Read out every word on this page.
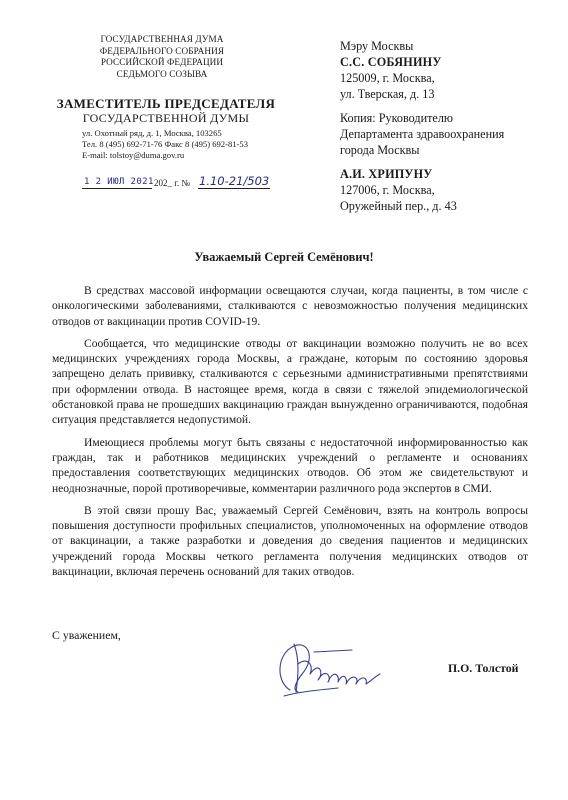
ГОСУДАРСТВЕННАЯ ДУМА
ФЕДЕРАЛЬНОГО СОБРАНИЯ
РОССИЙСКОЙ ФЕДЕРАЦИИ
СЕДЬМОГО СОЗЫВА
ЗАМЕСТИТЕЛЬ ПРЕДСЕДАТЕЛЯ
ГОСУДАРСТВЕННОЙ ДУМЫ
ул. Охотный ряд, д. 1, Москва, 103265
Тел. 8 (495) 692-71-76 Факс 8 (495) 692-81-53
E-mail: tolstoy@duma.gov.ru
1 2 ИЮЛ 2021 202_ г. № 1.10-21/503
Мэру Москвы
С.С. СОБЯНИНУ
125009, г. Москва,
ул. Тверская, д. 13
Копия: Руководителю
Департамента здравоохранения
города Москвы
А.И. ХРИПУНУ
127006, г. Москва,
Оружейный пер., д. 43
Уважаемый Сергей Семёнович!

В средствах массовой информации освещаются случаи, когда пациенты, в том числе с онкологическими заболеваниями, сталкиваются с невозможностью получения медицинских отводов от вакцинации против COVID-19.

Сообщается, что медицинские отводы от вакцинации возможно получить не во всех медицинских учреждениях города Москвы, а граждане, которым по состоянию здоровья запрещено делать прививку, сталкиваются с серьезными административными препятствиями при оформлении отвода. В настоящее время, когда в связи с тяжелой эпидемиологической обстановкой права не прошедших вакцинацию граждан вынужденно ограничиваются, подобная ситуация представляется недопустимой.

Имеющиеся проблемы могут быть связаны с недостаточной информированностью как граждан, так и работников медицинских учреждений о регламенте и основаниях предоставления соответствующих медицинских отводов. Об этом же свидетельствуют и неоднозначные, порой противоречивые, комментарии различного рода экспертов в СМИ.

В этой связи прошу Вас, уважаемый Сергей Семёнович, взять на контроль вопросы повышения доступности профильных специалистов, уполномоченных на оформление отводов от вакцинации, а также разработки и доведения до сведения пациентов и медицинских учреждений города Москвы четкого регламента получения медицинских отводов от вакцинации, включая перечень оснований для таких отводов.

С уважением,
П.О. Толстой
